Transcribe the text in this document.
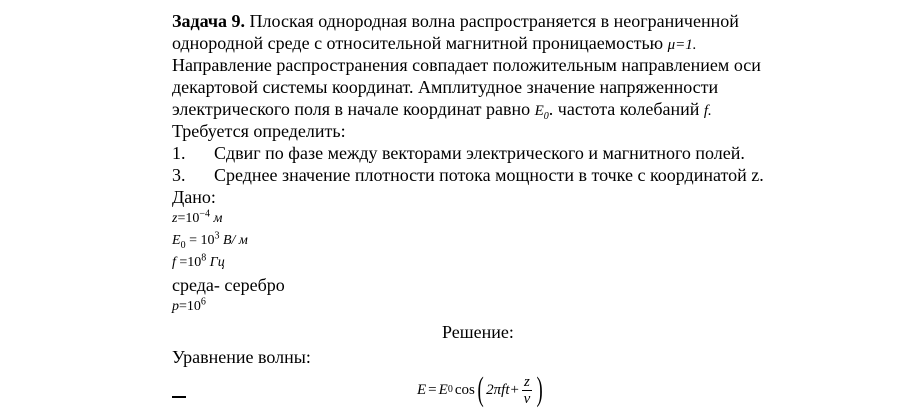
Задача 9. Плоская однородная волна распространяется в неограниченной
однородной среде с относительной магнитной проницаемостью μ=1.
Направление распространения совпадает положительным направлением оси
декартовой системы координат. Амплитудное значение напряженности
электрического поля в начале координат равно $E_0$. частота колебаний f.
Требуется определить:
1. Сдвиг по фазе между векторами электрического и магнитного полей.
3. Среднее значение плотности потока мощности в точке с координатой z.
Дано:
$z=10^{-4}$ м
$E_0 = 10^3$ В/ м
$f =10^8$ Гц
среда- серебро
$p=10^6$
Решение:
Уравнение волны:
E = E 0 cos ( $2\pi ft+ \frac{z}{v}$ )
